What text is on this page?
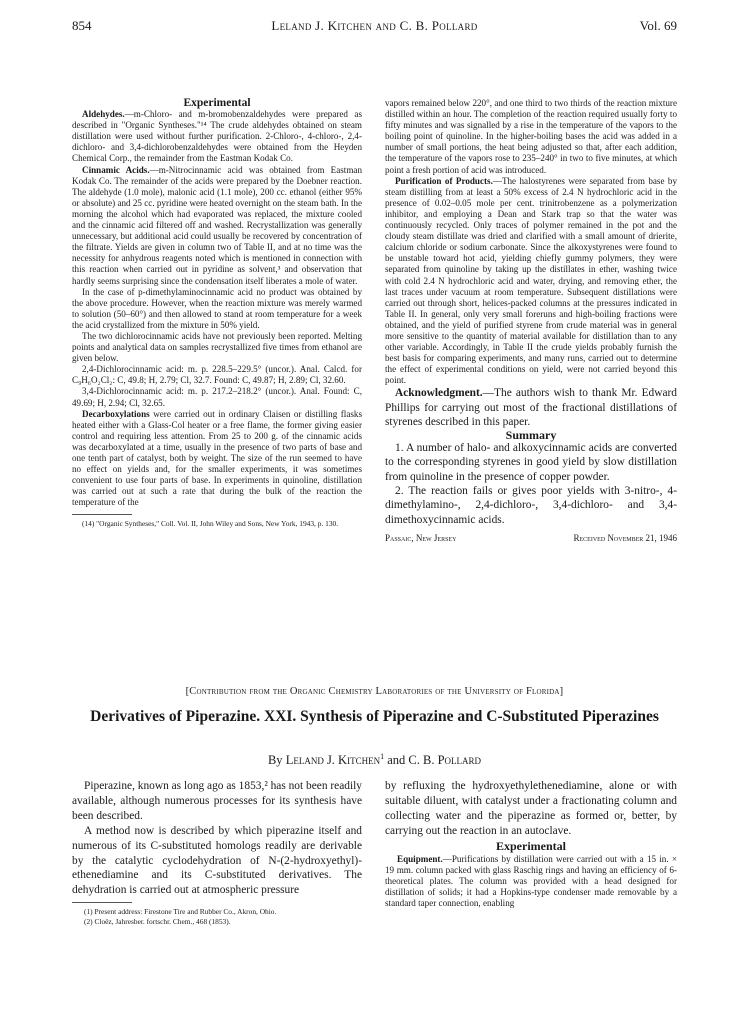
854	Leland J. Kitchen and C. B. Pollard	Vol. 69

Experimental

Aldehydes.—m-Chloro- and m-bromobenzaldehydes were prepared as described in "Organic Syntheses."¹⁴ The crude aldehydes obtained on steam distillation were used without further purification. 2-Chloro-, 4-chloro-, 2,4-dichloro- and 3,4-dichlorobenzaldehydes were obtained from the Heyden Chemical Corp., the remainder from the Eastman Kodak Co.

Cinnamic Acids.—m-Nitrocinnamic acid was obtained from Eastman Kodak Co. The remainder of the acids were prepared by the Doebner reaction. The aldehyde (1.0 mole), malonic acid (1.1 mole), 200 cc. ethanol (either 95% or absolute) and 25 cc. pyridine were heated overnight on the steam bath. In the morning the alcohol which had evaporated was replaced, the mixture cooled and the cinnamic acid filtered off and washed. Recrystallization was generally unnecessary, but additional acid could usually be recovered by concentration of the filtrate. Yields are given in column two of Table II, and at no time was the necessity for anhydrous reagents noted which is mentioned in connection with this reaction when carried out in pyridine as solvent,³ and observation that hardly seems surprising since the condensation itself liberates a mole of water.

In the case of p-dimethylaminocinnamic acid no product was obtained by the above procedure. However, when the reaction mixture was merely warmed to solution (50–60°) and then allowed to stand at room temperature for a week the acid crystallized from the mixture in 50% yield.

The two dichlorocinnamic acids have not previously been reported. Melting points and analytical data on samples recrystallized five times from ethanol are given below.

2,4-Dichlorocinnamic acid: m. p. 228.5–229.5° (uncor.). Anal. Calcd. for C₉H₆O₂Cl₂: C, 49.8; H, 2.79; Cl, 32.7. Found: C, 49.87; H, 2.89; Cl, 32.60.

3,4-Dichlorocinnamic acid: m. p. 217.2–218.2° (uncor.). Anal. Found: C, 49.69; H, 2.94; Cl, 32.65.

Decarboxylations were carried out in ordinary Claisen or distilling flasks heated either with a Glass-Col heater or a free flame, the former giving easier control and requiring less attention. From 25 to 200 g. of the cinnamic acids was decarboxylated at a time, usually in the presence of two parts of base and one tenth part of catalyst, both by weight. The size of the run seemed to have no effect on yields and, for the smaller experiments, it was sometimes convenient to use four parts of base. In experiments in quinoline, distillation was carried out at such a rate that during the bulk of the reaction the temperature of the

(14) "Organic Syntheses," Coll. Vol. II, John Wiley and Sons, New York, 1943, p. 130.

vapors remained below 220°, and one third to two thirds of the reaction mixture distilled within an hour. The completion of the reaction required usually forty to fifty minutes and was signalled by a rise in the temperature of the vapors to the boiling point of quinoline. In the higher-boiling bases the acid was added in a number of small portions, the heat being adjusted so that, after each addition, the temperature of the vapors rose to 235–240° in two to five minutes, at which point a fresh portion of acid was introduced.

Purification of Products.—The halostyrenes were separated from base by steam distilling from at least a 50% excess of 2.4 N hydrochloric acid in the presence of 0.02–0.05 mole per cent. trinitrobenzene as a polymerization inhibitor, and employing a Dean and Stark trap so that the water was continuously recycled. Only traces of polymer remained in the pot and the cloudy steam distillate was dried and clarified with a small amount of drierite, calcium chloride or sodium carbonate. Since the alkoxystyrenes were found to be unstable toward hot acid, yielding chiefly gummy polymers, they were separated from quinoline by taking up the distillates in ether, washing twice with cold 2.4 N hydrochloric acid and water, drying, and removing ether, the last traces under vacuum at room temperature. Subsequent distillations were carried out through short, helices-packed columns at the pressures indicated in Table II. In general, only very small foreruns and high-boiling fractions were obtained, and the yield of purified styrene from crude material was in general more sensitive to the quantity of material available for distillation than to any other variable. Accordingly, in Table II the crude yields probably furnish the best basis for comparing experiments, and many runs, carried out to determine the effect of experimental conditions on yield, were not carried beyond this point.

Acknowledgment.—The authors wish to thank Mr. Edward Phillips for carrying out most of the fractional distillations of styrenes described in this paper.

Summary

1. A number of halo- and alkoxycinnamic acids are converted to the corresponding styrenes in good yield by slow distillation from quinoline in the presence of copper powder.

2. The reaction fails or gives poor yields with 3-nitro-, 4-dimethylamino-, 2,4-dichloro-, 3,4-dichloro- and 3,4-dimethoxycinnamic acids.

Passaic, New Jersey	Received November 21, 1946
[Contribution from the Organic Chemistry Laboratories of the University of Florida]
Derivatives of Piperazine. XXI. Synthesis of Piperazine and C-Substituted Piperazines
By Leland J. Kitchen$^1$ and C. B. Pollard

Piperazine, known as long ago as 1853,² has not been readily available, although numerous processes for its synthesis have been described.

A method now is described by which piperazine itself and numerous of its C-substituted homologs readily are derivable by the catalytic cyclodehydration of N-(2-hydroxyethyl)-ethenediamine and its C-substituted derivatives. The dehydration is carried out at atmospheric pressure

(1) Present address: Firestone Tire and Rubber Co., Akron, Ohio.

(2) Cloëz, Jahresber. fortschr. Chem., 468 (1853).

by refluxing the hydroxyethylethenediamine, alone or with suitable diluent, with catalyst under a fractionating column and collecting water and the piperazine as formed or, better, by carrying out the reaction in an autoclave.

Experimental

Equipment.—Purifications by distillation were carried out with a 15 in. × 19 mm. column packed with glass Raschig rings and having an efficiency of 6-theoretical plates. The column was provided with a head designed for distillation of solids; it had a Hopkins-type condenser made removable by a standard taper connection, enabling
